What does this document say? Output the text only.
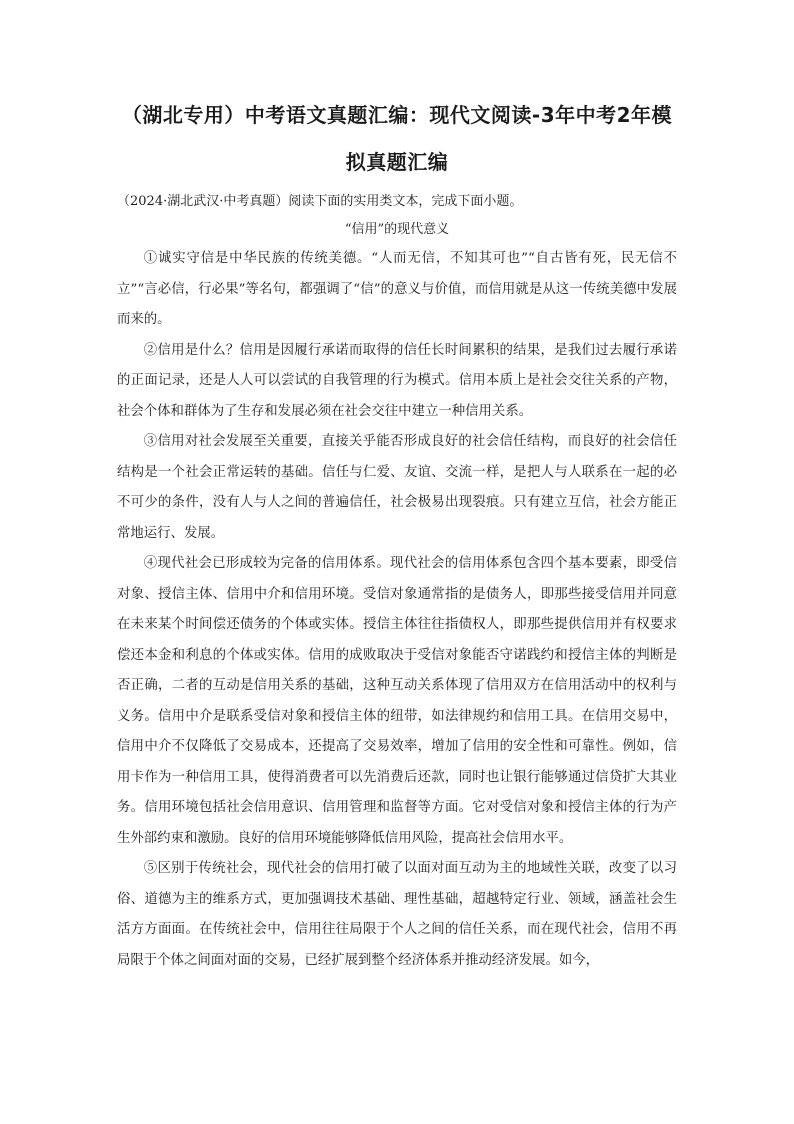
（湖北专用）中考语文真题汇编：现代文阅读-3年中考2年模拟真题汇编

（2024·湖北武汉·中考真题）阅读下面的实用类文本，完成下面小题。

“信用”的现代意义

①诚实守信是中华民族的传统美德。“人而无信，不知其可也”“自古皆有死，民无信不立”“言必信，行必果”等名句，都强调了“信”的意义与价值，而信用就是从这一传统美德中发展而来的。

②信用是什么？信用是因履行承诺而取得的信任长时间累积的结果，是我们过去履行承诺的正面记录，还是人人可以尝试的自我管理的行为模式。信用本质上是社会交往关系的产物，社会个体和群体为了生存和发展必须在社会交往中建立一种信用关系。

③信用对社会发展至关重要，直接关乎能否形成良好的社会信任结构，而良好的社会信任结构是一个社会正常运转的基础。信任与仁爱、友谊、交流一样，是把人与人联系在一起的必不可少的条件，没有人与人之间的普遍信任，社会极易出现裂痕。只有建立互信，社会方能正常地运行、发展。

④现代社会已形成较为完备的信用体系。现代社会的信用体系包含四个基本要素，即受信对象、授信主体、信用中介和信用环境。受信对象通常指的是债务人，即那些接受信用并同意在未来某个时间偿还债务的个体或实体。授信主体往往指债权人，即那些提供信用并有权要求偿还本金和利息的个体或实体。信用的成败取决于受信对象能否守诺践约和授信主体的判断是否正确，二者的互动是信用关系的基础，这种互动关系体现了信用双方在信用活动中的权利与义务。信用中介是联系受信对象和授信主体的纽带，如法律规约和信用工具。在信用交易中，信用中介不仅降低了交易成本，还提高了交易效率，增加了信用的安全性和可靠性。例如，信用卡作为一种信用工具，使得消费者可以先消费后还款，同时也让银行能够通过信贷扩大其业务。信用环境包括社会信用意识、信用管理和监督等方面。它对受信对象和授信主体的行为产生外部约束和激励。良好的信用环境能够降低信用风险，提高社会信用水平。

⑤区别于传统社会，现代社会的信用打破了以面对面互动为主的地域性关联，改变了以习俗、道德为主的维系方式，更加强调技术基础、理性基础，超越特定行业、领域，涵盖社会生活方方面面。在传统社会中，信用往往局限于个人之间的信任关系，而在现代社会，信用不再局限于个体之间面对面的交易，已经扩展到整个经济体系并推动经济发展。如今，
